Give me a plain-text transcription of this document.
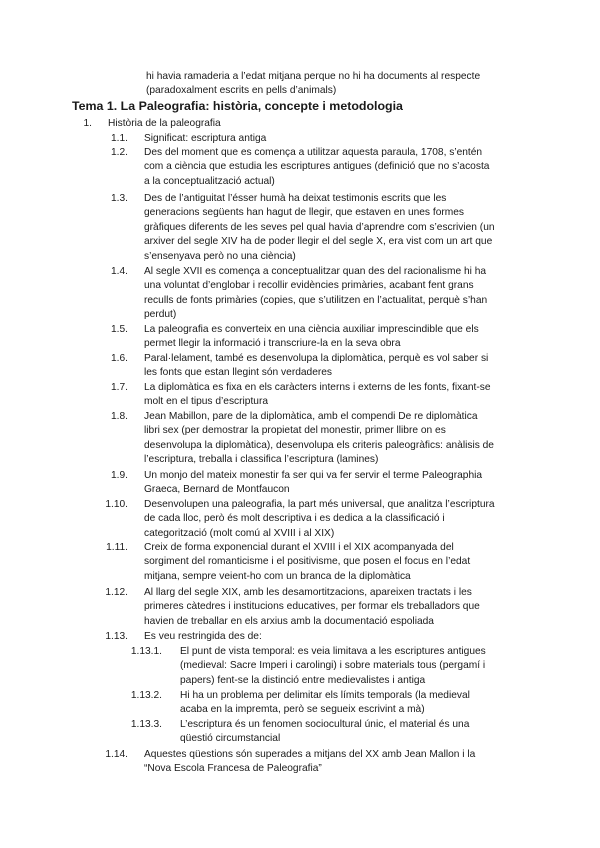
hi havia ramaderia a l’edat mitjana perque no hi ha documents al respecte
(paradoxalment escrits en pells d’animals)
Tema 1. La Paleografia: història, concepte i metodologia
1. Història de la paleografia
1.1. Significat: escriptura antiga
1.2. Des del moment que es comença a utilitzar aquesta paraula, 1708, s’entén
com a ciència que estudia les escriptures antigues (definició que no s’acosta
a la conceptualització actual)
1.3. Des de l’antiguitat l’ésser humà ha deixat testimonis escrits que les
generacions següents han hagut de llegir, que estaven en unes formes
gràfiques diferents de les seves pel qual havia d’aprendre com s’escrivien (un
arxiver del segle XIV ha de poder llegir el del segle X, era vist com un art que
s’ensenyava però no una ciència)
1.4. Al segle XVII es comença a conceptualitzar quan des del racionalisme hi ha
una voluntat d’englobar i recollir evidències primàries, acabant fent grans
reculls de fonts primàries (copies, que s’utilitzen en l’actualitat, perquè s’han
perdut)
1.5. La paleografia es converteix en una ciència auxiliar imprescindible que els
permet llegir la informació i transcriure-la en la seva obra
1.6. Paral·lelament, també es desenvolupa la diplomàtica, perquè es vol saber si
les fonts que estan llegint són verdaderes
1.7. La diplomàtica es fixa en els caràcters interns i externs de les fonts, fixant-se
molt en el tipus d’escriptura
1.8. Jean Mabillon, pare de la diplomàtica, amb el compendi De re diplomàtica
libri sex (per demostrar la propietat del monestir, primer llibre on es
desenvolupa la diplomàtica), desenvolupa els criteris paleogràfics: anàlisis de
l’escriptura, treballa i classifica l’escriptura (lamines)
1.9. Un monjo del mateix monestir fa ser qui va fer servir el terme Paleographia
Graeca, Bernard de Montfaucon
1.10. Desenvolupen una paleografia, la part més universal, que analitza l’escriptura
de cada lloc, però és molt descriptiva i es dedica a la classificació i
categorització (molt comú al XVIII i al XIX)
1.11. Creix de forma exponencial durant el XVIII i el XIX acompanyada del
sorgiment del romanticisme i el positivisme, que posen el focus en l’edat
mitjana, sempre veient-ho com un branca de la diplomàtica
1.12. Al llarg del segle XIX, amb les desamortitzacions, apareixen tractats i les
primeres càtedres i institucions educatives, per formar els treballadors que
havien de treballar en els arxius amb la documentació espoliada
1.13. Es veu restringida des de:
1.13.1. El punt de vista temporal: es veia limitava a les escriptures antigues
(medieval: Sacre Imperi i carolingi) i sobre materials tous (pergamí i
papers) fent-se la distinció entre medievalistes i antiga
1.13.2. Hi ha un problema per delimitar els límits temporals (la medieval
acaba en la impremta, però se segueix escrivint a mà)
1.13.3. L’escriptura és un fenomen sociocultural únic, el material és una
qüestió circumstancial
1.14. Aquestes qüestions són superades a mitjans del XX amb Jean Mallon i la
“Nova Escola Francesa de Paleografia”
